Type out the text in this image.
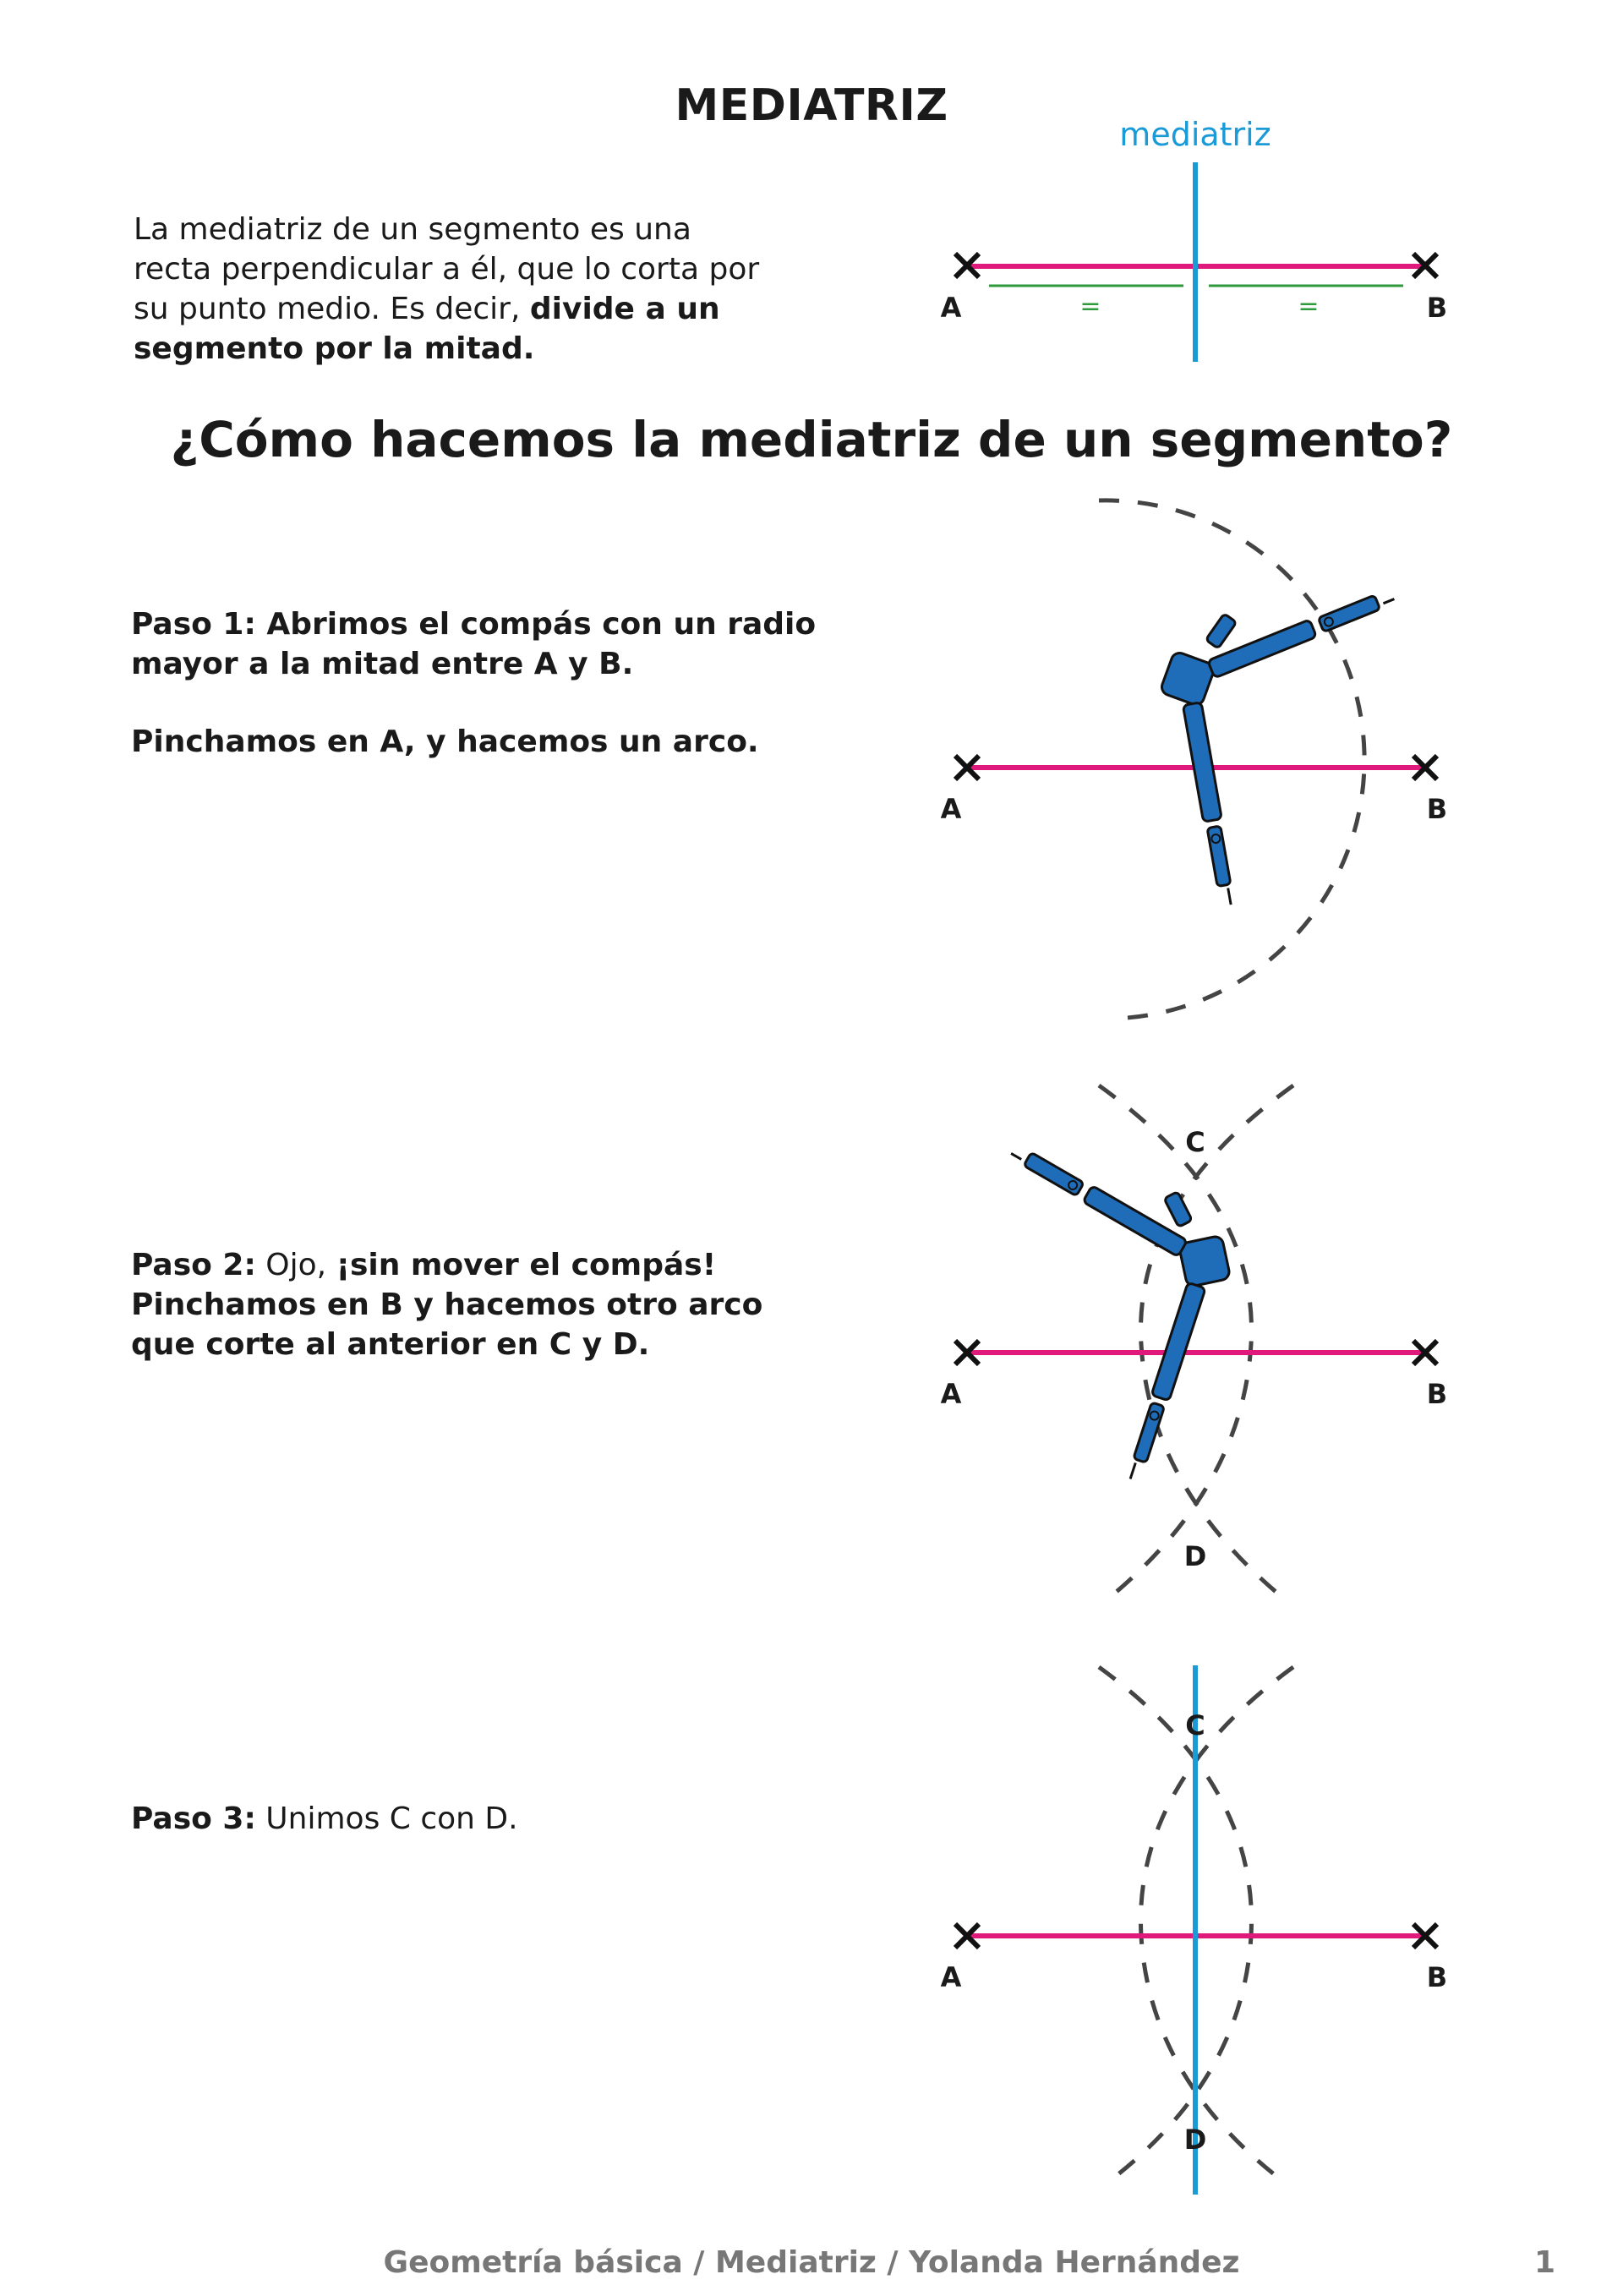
MEDIATRIZ
La mediatriz de un segmento es una recta perpendicular a él, que lo corta por su punto medio. Es decir, divide a un segmento por la mitad.
¿Cómo hacemos la mediatriz de un segmento?
Paso 1: Abrimos el compás con un radio mayor a la mitad entre A y B.
Pinchamos en A, y hacemos un arco.
Paso 2: Ojo, ¡sin mover el compás! Pinchamos en B y hacemos otro arco que corte al anterior en C y D.
Paso 3: Unimos C con D.
=	=
mediatriz
A	B
A	B
A	B
C
D
A	B
C
D
Geometría básica / Mediatriz / Yolanda Hernández	1
